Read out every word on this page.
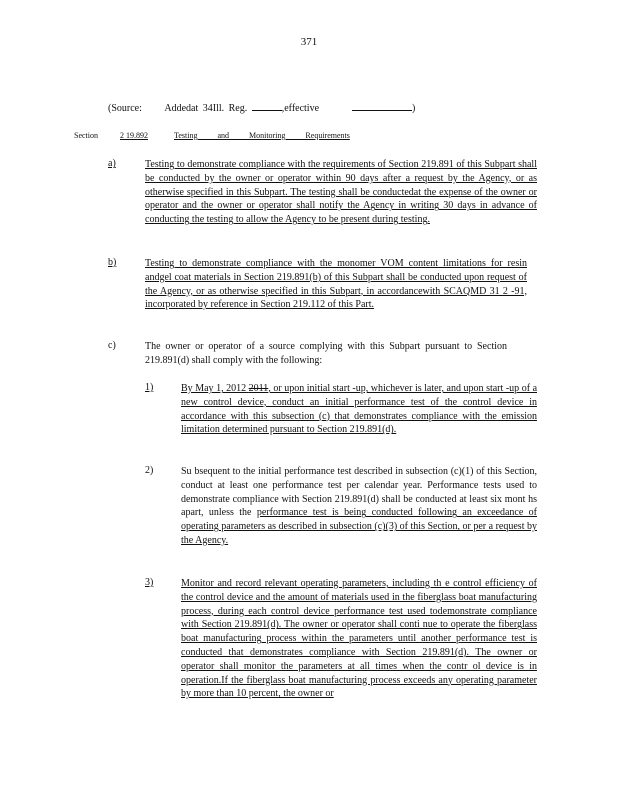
371
(Source: Addedat 34Ill. Reg.	,effective	)
Section	2 19.892	Testing and Monitoring Requirements
a)	Testing to demonstrate compliance with the requirements of Section 219.891 of this Subpart shall be conducted by the owner or operator within 90 days after a request by the Agency, or as otherwise specified in this Subpart. The testing shall be conductedat the expense of the owner or operator and the owner or operator shall notify the Agency in writing 30 days in advance of conducting the testing to allow the Agency to be present during testing.
b)	Testing to demonstrate compliance with the monomer VOM content limitations for resin andgel coat materials in Section 219.891(b) of this Subpart shall be conducted upon request of the Agency, or as otherwise specified in this Subpart, in accordancewith SCAQMD 31 2 -91, incorporated by reference in Section 219.112 of this Part.
c)	The owner or operator of a source complying with this Subpart pursuant to Section 219.891(d) shall comply with the following:
1)	By May 1, 2012 2011, or upon initial start -up, whichever is later, and upon start -up of a new control device, conduct an initial performance test of the control device in accordance with this subsection (c) that demonstrates compliance with the emission limitation determined pursuant to Section 219.891(d).
2)	Su bsequent to the initial performance test described in subsection (c)(1) of this Section, conduct at least one performance test per calendar year. Performance tests used to demonstrate compliance with Section 219.891(d) shall be conducted at least six mont hs apart, unless the performance test is being conducted following an exceedance of operating parameters as described in subsection (c)(3) of this Section, or per a request by the Agency.
3)	Monitor and record relevant operating parameters, including th e control efficiency of the control device and the amount of materials used in the fiberglass boat manufacturing process, during each control device performance test used todemonstrate compliance with Section 219.891(d). The owner or operator shall conti nue to operate the fiberglass boat manufacturing process within the parameters until another performance test is conducted that demonstrates compliance with Section 219.891(d). The owner or operator shall monitor the parameters at all times when the contr ol device is in operation.If the fiberglass boat manufacturing process exceeds any operating parameter by more than 10 percent, the owner or
